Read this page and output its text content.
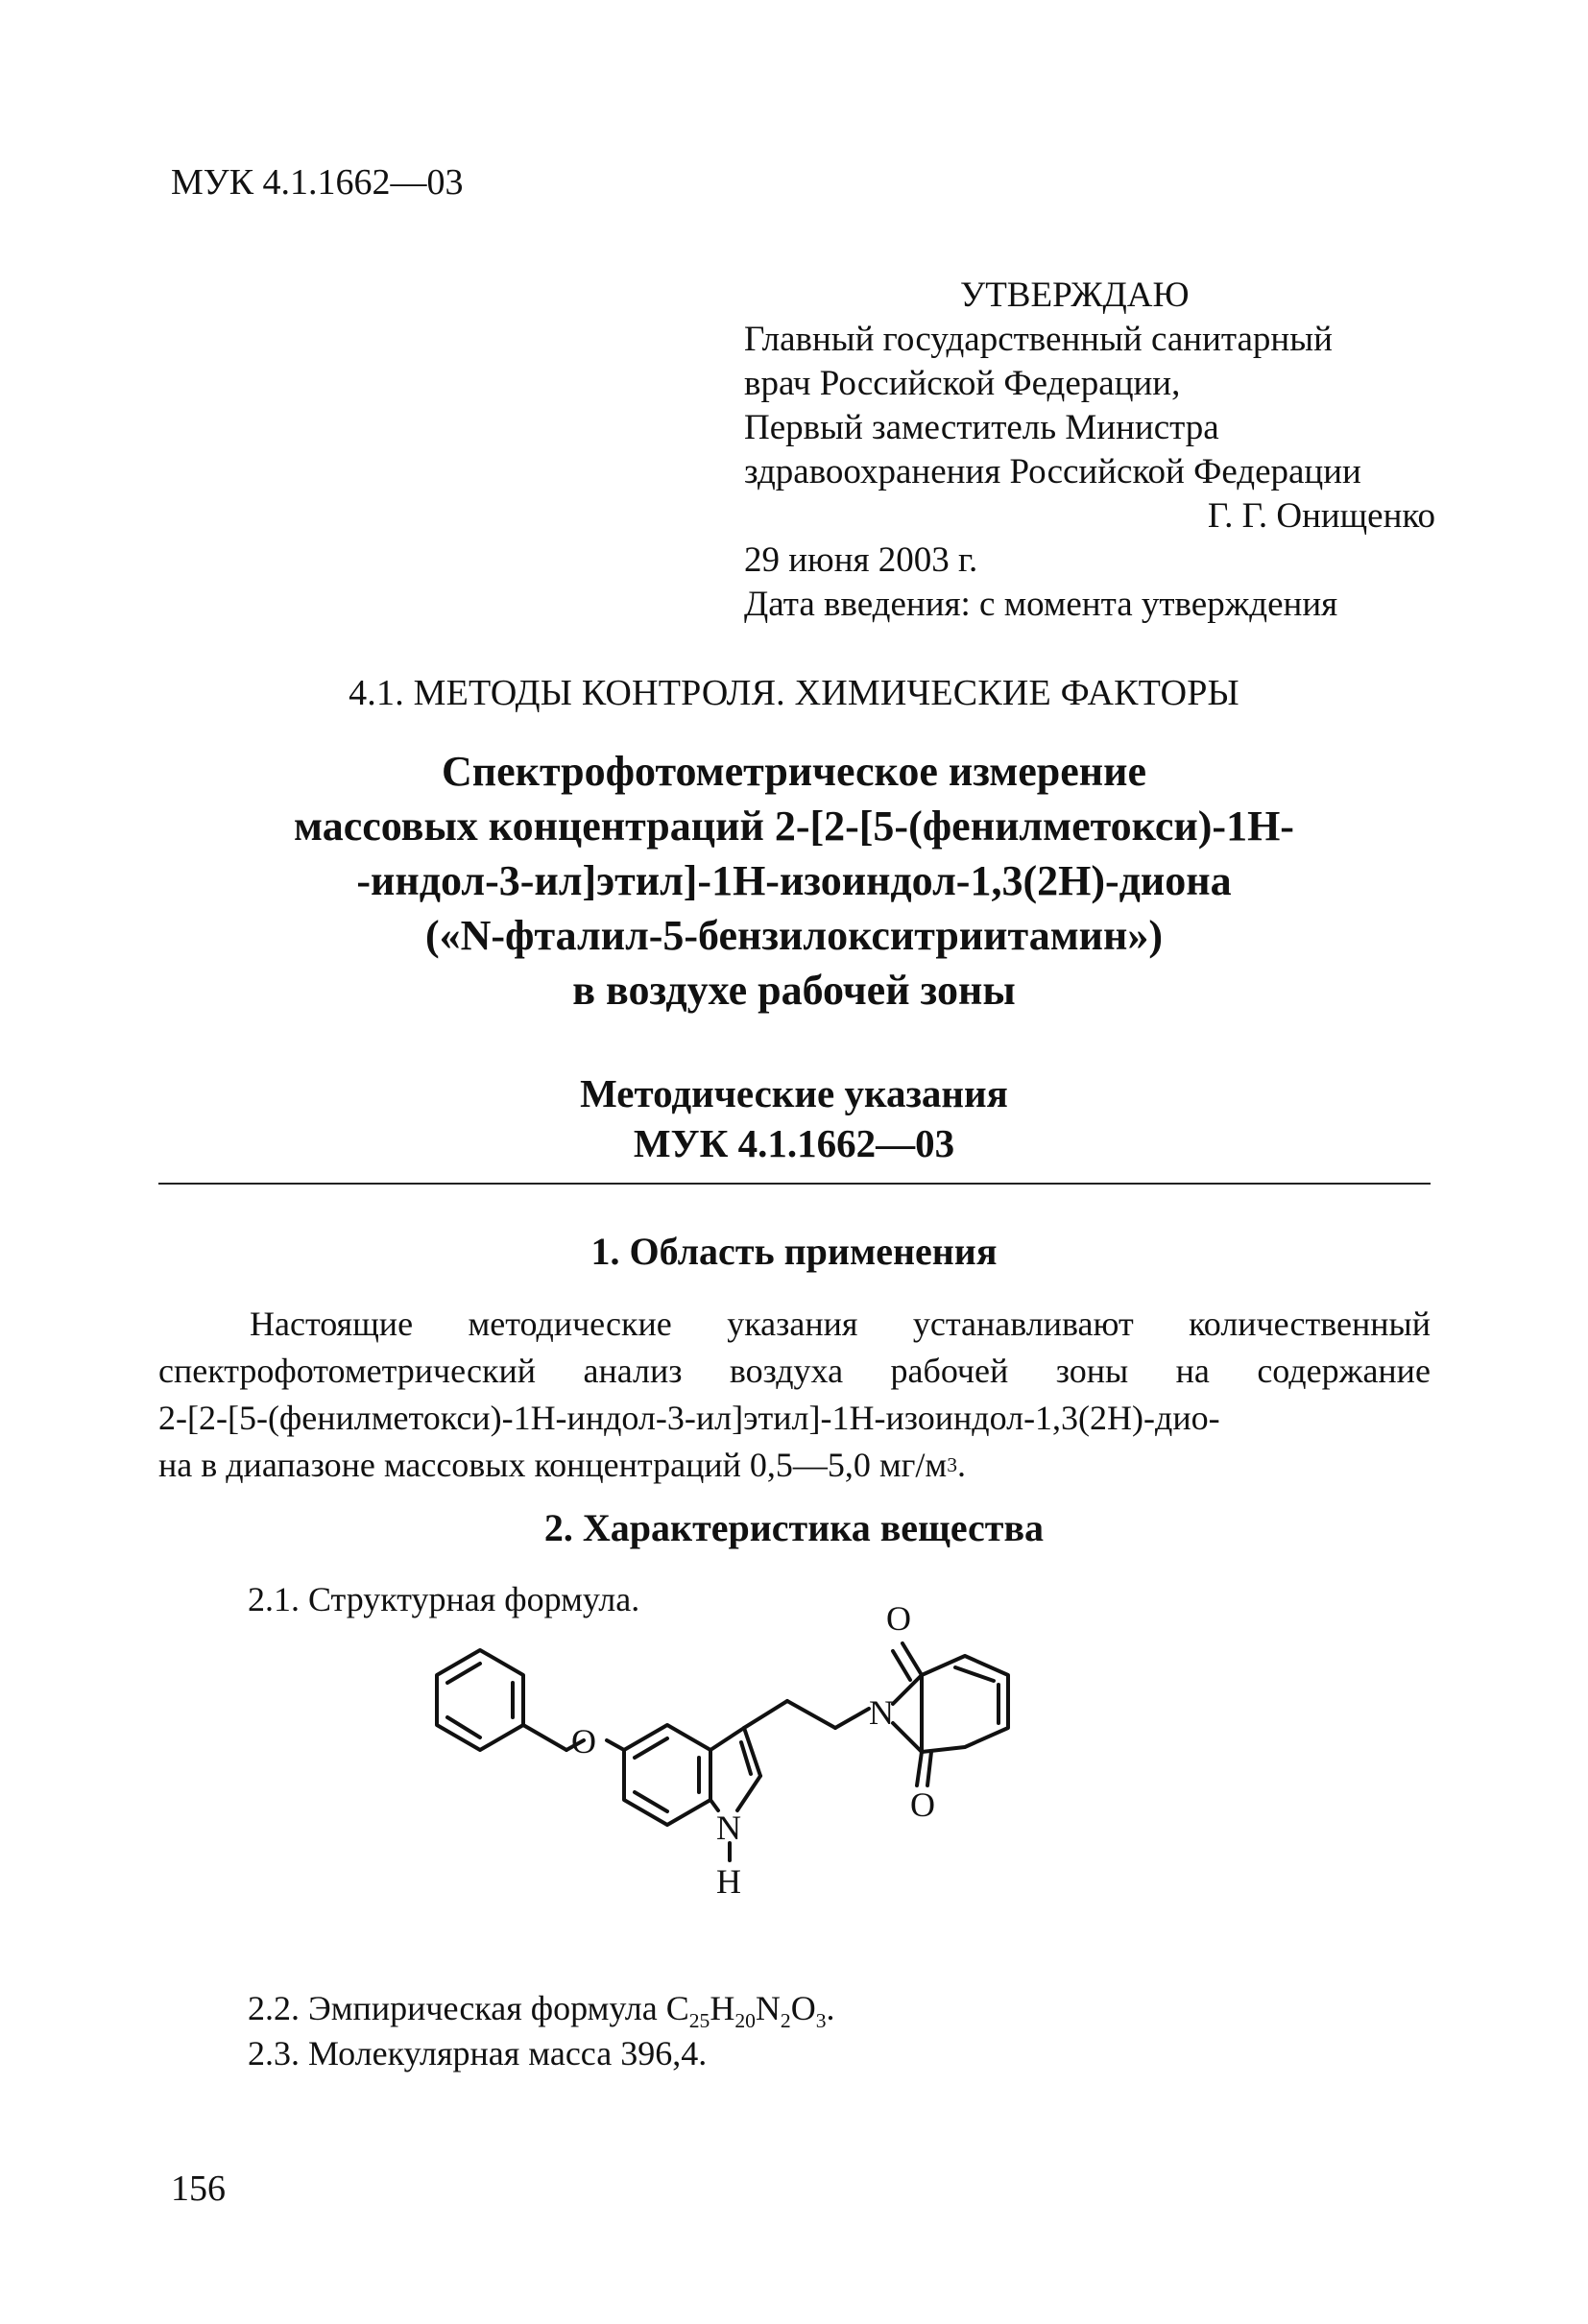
МУК 4.1.1662—03
УТВЕРЖДАЮ
Главный государственный санитарный
врач Российской Федерации,
Первый заместитель Министра
здравоохранения Российской Федерации
Г. Г. Онищенко
29 июня 2003 г.
Дата введения: с момента утверждения
4.1. МЕТОДЫ КОНТРОЛЯ. ХИМИЧЕСКИЕ ФАКТОРЫ
Спектрофотометрическое измерение
массовых концентраций 2-[2-[5-(фенилметокси)-1Н-
-индол-3-ил]этил]-1Н-изоиндол-1,3(2Н)-диона
(«N-фталил-5-бензилокситриитамин»)
в воздухе рабочей зоны
Методические указания
МУК 4.1.1662—03
1. Область применения
Настоящие методические указания устанавливают количественный
спектрофотометрический анализ воздуха рабочей зоны на содержание
2-[2-[5-(фенилметокси)-1Н-индол-3-ил]этил]-1Н-изоиндол-1,3(2Н)-дио-
на в диапазоне массовых концентраций 0,5—5,0 мг/м 3 .
2. Характеристика вещества
2.1. Структурная формула.
O
N
O
O
N
H
2.2. Эмпирическая формула $C_{25}H_{20}N_2O_3$.
2.3. Молекулярная масса 396,4.
156
